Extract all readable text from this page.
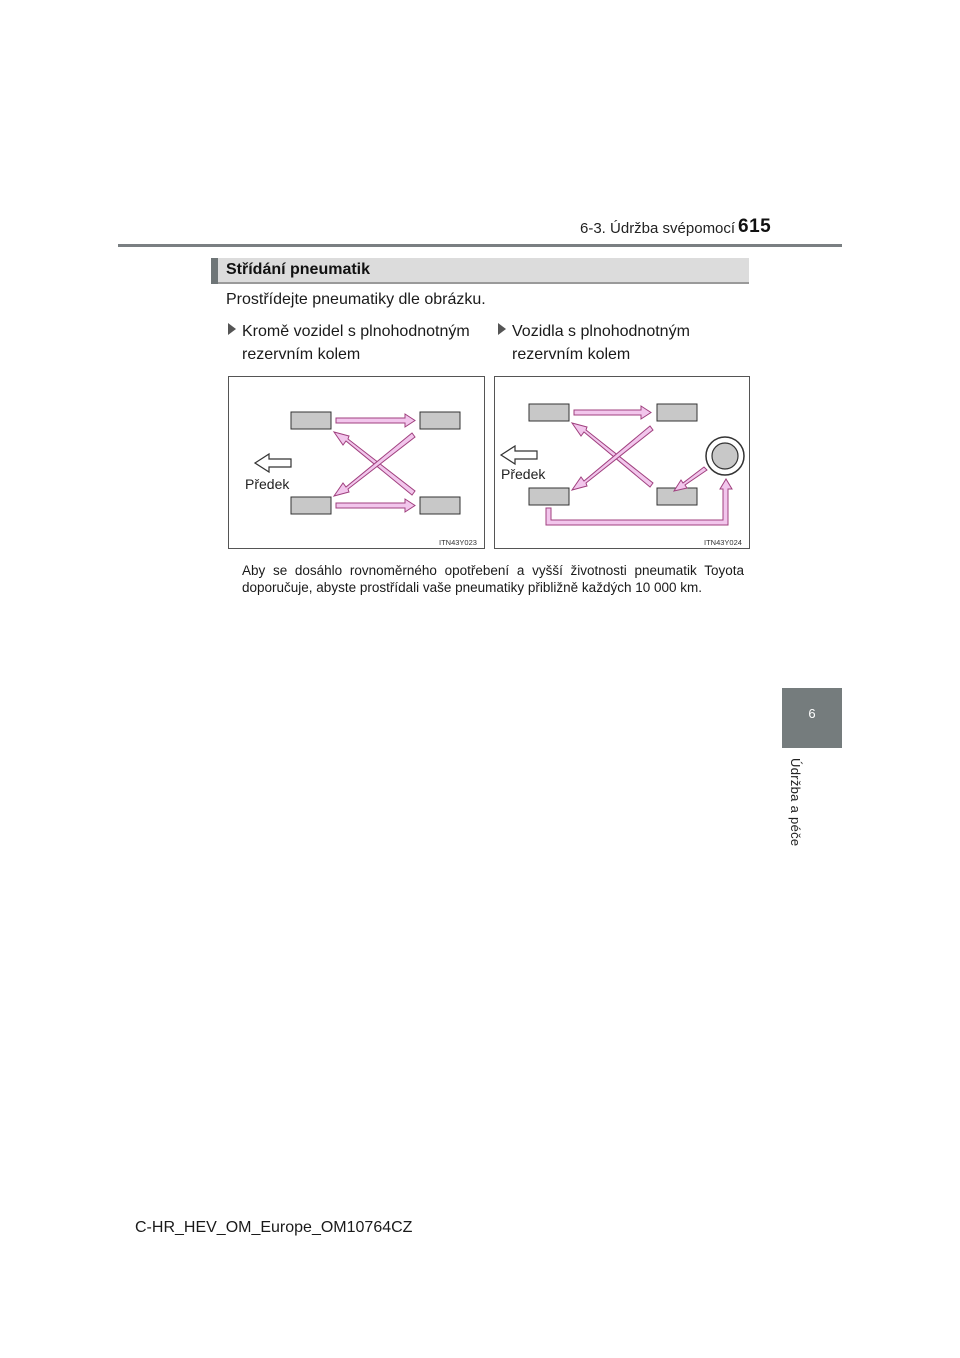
6-3. Údržba svépomocí 615
6
Údržba a péče
Střídání pneumatik
Prostřídejte pneumatiky dle obrázku.
Kromě vozidel s plnohodnotným
rezervním kolem
Vozidla s plnohodnotným
rezervním kolem
Předek
ITN43Y023
Předek
ITN43Y024
Aby se dosáhlo rovnoměrného opotřebení a vyšší životnosti pneumatik Toyota doporučuje, abyste prostřídali vaše pneumatiky přibližně každých 10 000 km.
C-HR_HEV_OM_Europe_OM10764CZ
